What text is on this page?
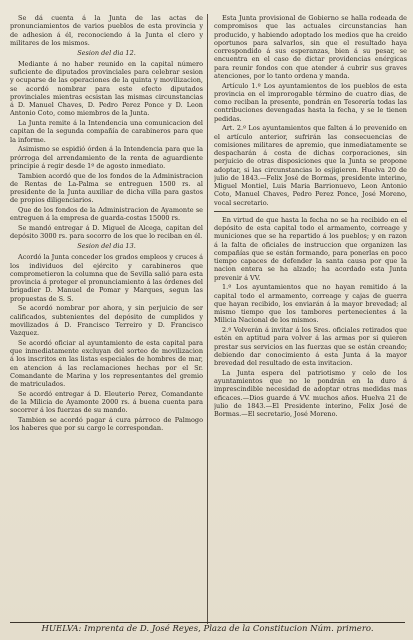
Se dá cuenta á la Junta de las actas de pronunciamientos de varios pueblos de esta provincia y de adhesion á él, reconociendo á la Junta el clero y militares de los mismos.

Sesion del dia 12.

Mediante á no haber reunido en la capital número suficiente de diputados provinciales para celebrar sesion y ocuparse de las operaciones de la quinta y movilizacion, se acordó nombrar para este efecto diputados provinciales mientras ecsistan las mismas circunstancias á D. Manuel Chaves, D. Pedro Perez Ponce y D. Leon Antonio Coto, como miembros de la Junta.

La Junta remite á la Intendencia una comunicacion del capitan de la segunda compañía de carabineros para que la informe.

Asimismo se espidió órden á la Intendencia para que la prórroga del arrendamiento de la renta de aguardiente principie á regir desde 1º de agosto inmediato.

Tambien acordó que de los fondos de la Administracion de Rentas de La-Palma se entreguen 1500 rs. al presidente de la Junta auxiliar de dicha villa para gastos de propios diligenciarios.

Que de los fondos de la Administracion de Ayamonte se entreguen á la empresa de guarda-costas 15000 rs.

Se mandó entregar á D. Miguel de Alcega, capitan del depósito 3000 rs. para socorro de los que lo reciban en él.

Sesion del dia 13.

Acordó la Junta conceder los grados empleos y cruces á los individuos del ejército y carabineros que comprometieron la columna que de Sevilla salió para esta provincia á proteger el pronunciamiento á las órdenes del brigadier D. Manuel de Pomar y Marques, segun las propuestas de S. S.

Se acordó nombrar por ahora, y sin perjuicio de ser calificados, subtenientes del depósito de cumplidos y movilizados á D. Francisco Terreiro y D. Francisco Vazquez.

Se acordó oficiar al ayuntamiento de esta capital para que inmediatamente excluyan del sorteo de movilizacion á los inscritos en las listas especiales de hombres de mar, en atencion á las reclamaciones hechas por el Sr. Comandante de Marina y los representantes del gremio de matriculados.

Se acordó entregar á D. Eleuterio Perez, Comandante de la Milicia de Ayamonte 2000 rs. á buena cuenta para socorrer á los fuerzas de su mando.

Tambien se acordó pagar á cura párroco de Palmogo los haberes que por su cargo le correspondan.

Esta Junta provisional de Gobierno se halla rodeada de compromisos que las actuales circunstancias han producido, y habiendo adoptado los medios que ha creido oportunos para salvarlos, sin que el resultado haya correspondido á sus esperanzas, bien á su pesar, se encuentra en el caso de dictar providencias enérgicas para reunir fondos con que atender á cubrir sus graves atenciones, por lo tanto ordena y manda.

Artículo 1.º Los ayuntamientos de los pueblos de esta provincia en el improrogable término de cuatro dias, de como reciban la presente, pondrán en Tesorería todas las contribuciones devengadas hasta la fecha, y se le tienen pedidas.

Art. 2.º Los ayuntamientos que falten á lo prevenido en el artículo anterior, sufrirán las consecuencias de comisiones militares de apremio, que inmediatamente se despacharán á costa de dichas corporaciones, sin perjuicio de otras disposiciones que la Junta se propone adoptar, si las circunstancias lo esjigieren. Huelva 20 de julio de 1843.—Felix José de Bormas, presidente interino, Miguel Montiel, Luis Maria Barrionuevo, Leon Antonio Coto, Manuel Chaves, Pedro Perez Ponce, José Moreno, vocal secretario.

En virtud de que hasta la fecha no se ha recibido en el depósito de esta capital todo el armamento, correage y municiones que se ha repartido á los pueblos; y en razon á la falta de oficiales de instruccion que organizen las compañías que se están formando, para ponerlas en poco tiempo capaces de defender la santa causa por que la nacion entera se ha alzado; ha acordado esta Junta prevenir á VV.

1.º Los ayuntamientos que no hayan remitido á la capital todo el armamento, correage y cajas de guerra que hayan recibido, los enviarán á la mayor brevedad; al mismo tiempo que los tambores pertenecientes á la Milicia Nacional de los mismos.

2.º Volverán á invitar á los Sres. oficiales retirados que estén en aptitud para volver á las armas por si quieren prestar sus servicios en las fuerzas que se están creando; debiendo dar conocimiento á esta Junta á la mayor brevedad del resultado de esta invitacion.

La Junta espera del patriotismo y celo de los ayuntamientos que no le pondrán en la duro á imprescindible necesidad de adoptar otras medidas mas eficaces.—Dios guarde á VV. muchos años. Huelva 21 de julio de 1843.—El Presidente interino, Felix José de Bormas.—El secretario, José Moreno.

HUELVA: Imprenta de D. José Reyes, Plaza de la Constitucion Núm. primero.
